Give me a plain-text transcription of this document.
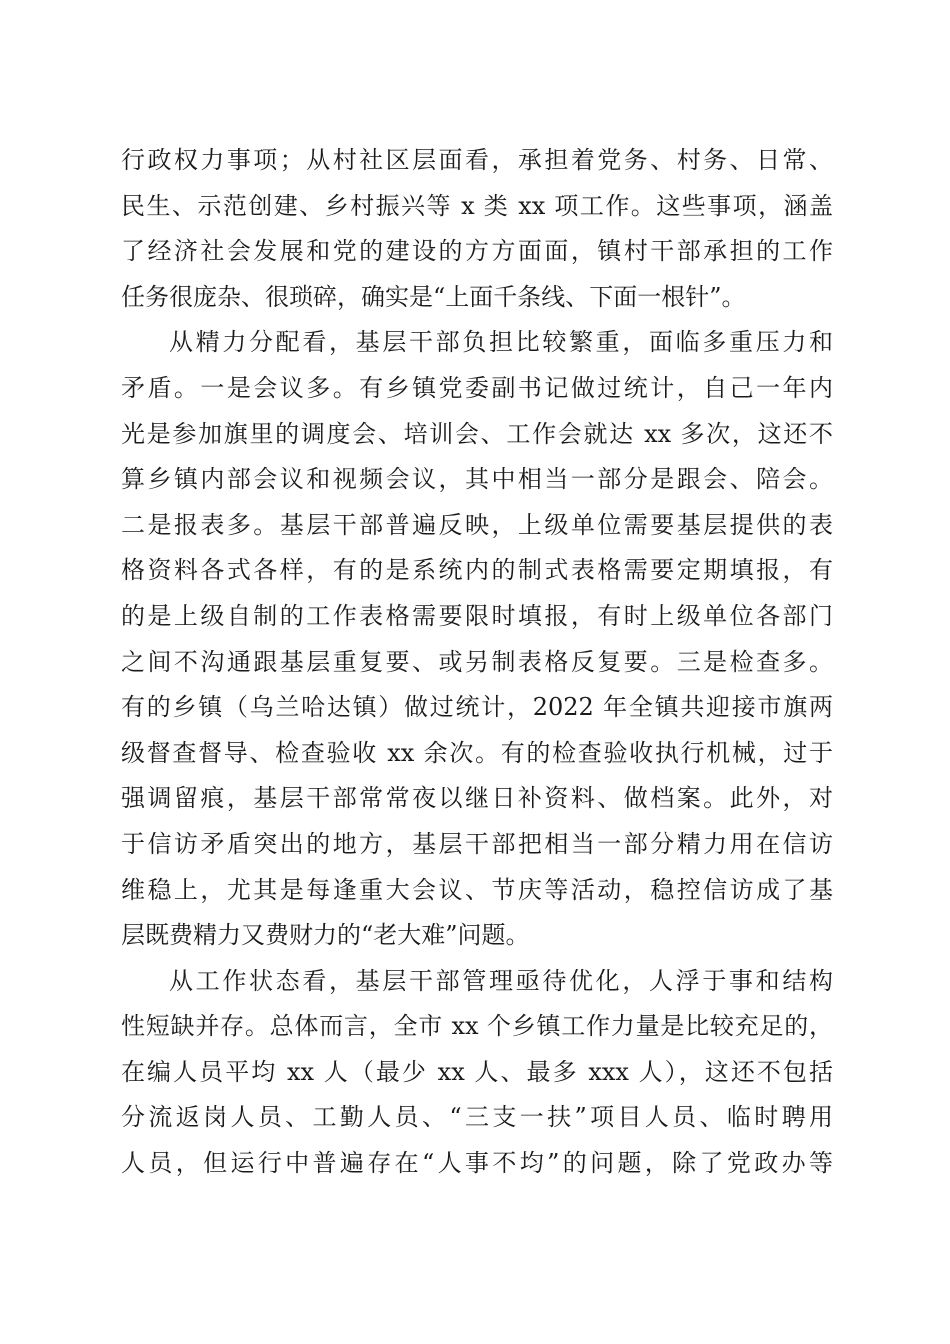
行政权力事项；从村社区层面看，承担着党务、村务、日常、
民生、示范创建、乡村振兴等 x 类 xx 项工作。这些事项，涵盖
了经济社会发展和党的建设的方方面面，镇村干部承担的工作
任务很庞杂、很琐碎，确实是“上面千条线、下面一根针”。
从精力分配看，基层干部负担比较繁重，面临多重压力和
矛盾。一是会议多。有乡镇党委副书记做过统计，自己一年内
光是参加旗里的调度会、培训会、工作会就达 xx 多次，这还不
算乡镇内部会议和视频会议，其中相当一部分是跟会、陪会。
二是报表多。基层干部普遍反映，上级单位需要基层提供的表
格资料各式各样，有的是系统内的制式表格需要定期填报，有
的是上级自制的工作表格需要限时填报，有时上级单位各部门
之间不沟通跟基层重复要、或另制表格反复要。三是检查多。
有的乡镇（乌兰哈达镇）做过统计，2022 年全镇共迎接市旗两
级督查督导、检查验收 xx 余次。有的检查验收执行机械，过于
强调留痕，基层干部常常夜以继日补资料、做档案。此外，对
于信访矛盾突出的地方，基层干部把相当一部分精力用在信访
维稳上，尤其是每逢重大会议、节庆等活动，稳控信访成了基
层既费精力又费财力的“老大难”问题。
从工作状态看，基层干部管理亟待优化，人浮于事和结构
性短缺并存。总体而言，全市 xx 个乡镇工作力量是比较充足的，
在编人员平均 xx 人（最少 xx 人、最多 xxx 人），这还不包括
分流返岗人员、工勤人员、“三支一扶”项目人员、临时聘用
人员，但运行中普遍存在“人事不均”的问题，除了党政办等
